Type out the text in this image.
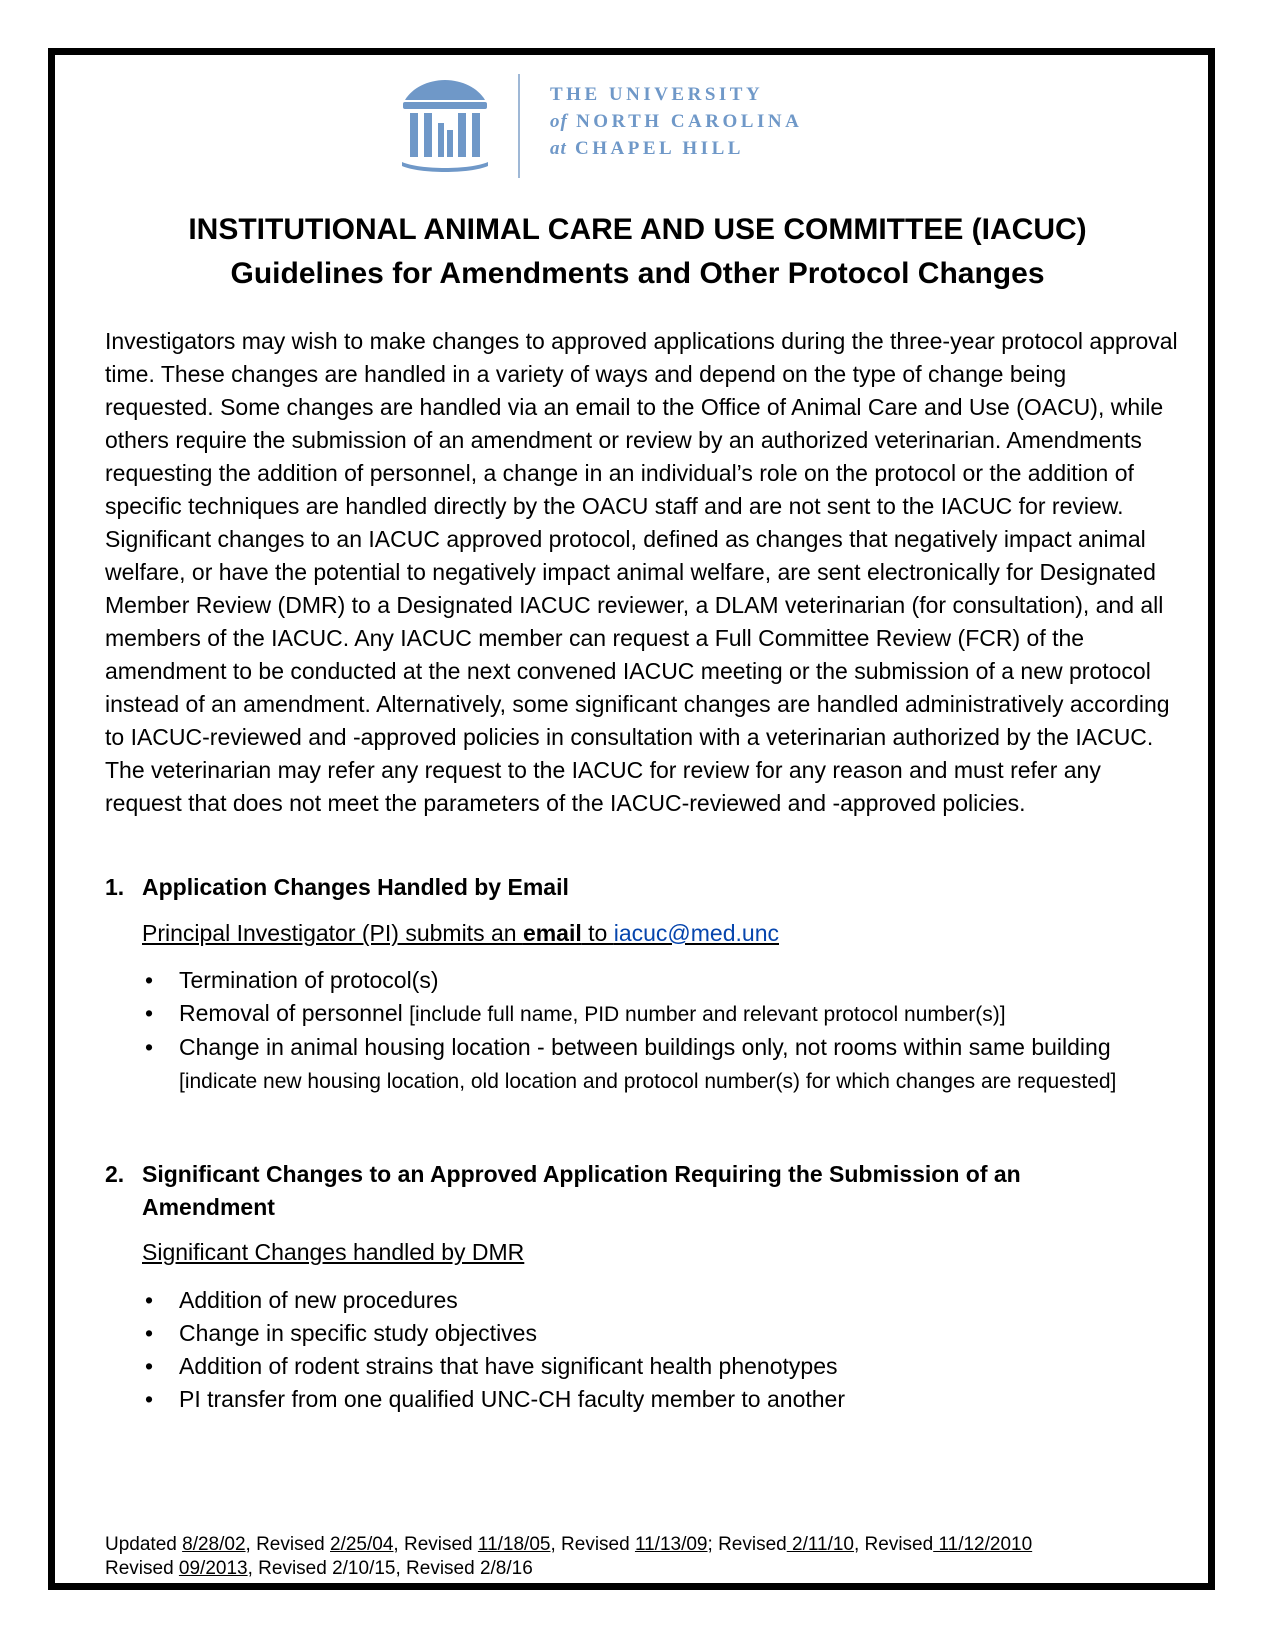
THE UNIVERSITY
of NORTH CAROLINA
at CHAPEL HILL
INSTITUTIONAL ANIMAL CARE AND USE COMMITTEE (IACUC)
Guidelines for Amendments and Other Protocol Changes

Investigators may wish to make changes to approved applications during the three-year protocol approval time. These changes are handled in a variety of ways and depend on the type of change being requested. Some changes are handled via an email to the Office of Animal Care and Use (OACU), while others require the submission of an amendment or review by an authorized veterinarian. Amendments requesting the addition of personnel, a change in an individual’s role on the protocol or the addition of specific techniques are handled directly by the OACU staff and are not sent to the IACUC for review. Significant changes to an IACUC approved protocol, defined as changes that negatively impact animal welfare, or have the potential to negatively impact animal welfare, are sent electronically for Designated Member Review (DMR) to a Designated IACUC reviewer, a DLAM veterinarian (for consultation), and all members of the IACUC. Any IACUC member can request a Full Committee Review (FCR) of the amendment to be conducted at the next convened IACUC meeting or the submission of a new protocol instead of an amendment. Alternatively, some significant changes are handled administratively according to IACUC-reviewed and -approved policies in consultation with a veterinarian authorized by the IACUC. The veterinarian may refer any request to the IACUC for review for any reason and must refer any request that does not meet the parameters of the IACUC-reviewed and -approved policies.

1. Application Changes Handled by Email

Principal Investigator (PI) submits an email to iacuc@med.unc

• Termination of protocol(s)
• Removal of personnel [include full name, PID number and relevant protocol number(s)]
• Change in animal housing location - between buildings only, not rooms within same building [indicate new housing location, old location and protocol number(s) for which changes are requested]
2. Significant Changes to an Approved Application Requiring the Submission of an Amendment

Significant Changes handled by DMR

• Addition of new procedures
• Change in specific study objectives
• Addition of rodent strains that have significant health phenotypes
• PI transfer from one qualified UNC-CH faculty member to another

Updated 8/28/02, Revised 2/25/04, Revised 11/18/05, Revised 11/13/09; Revised 2/11/10, Revised 11/12/2010
Revised 09/2013, Revised 2/10/15, Revised 2/8/16
